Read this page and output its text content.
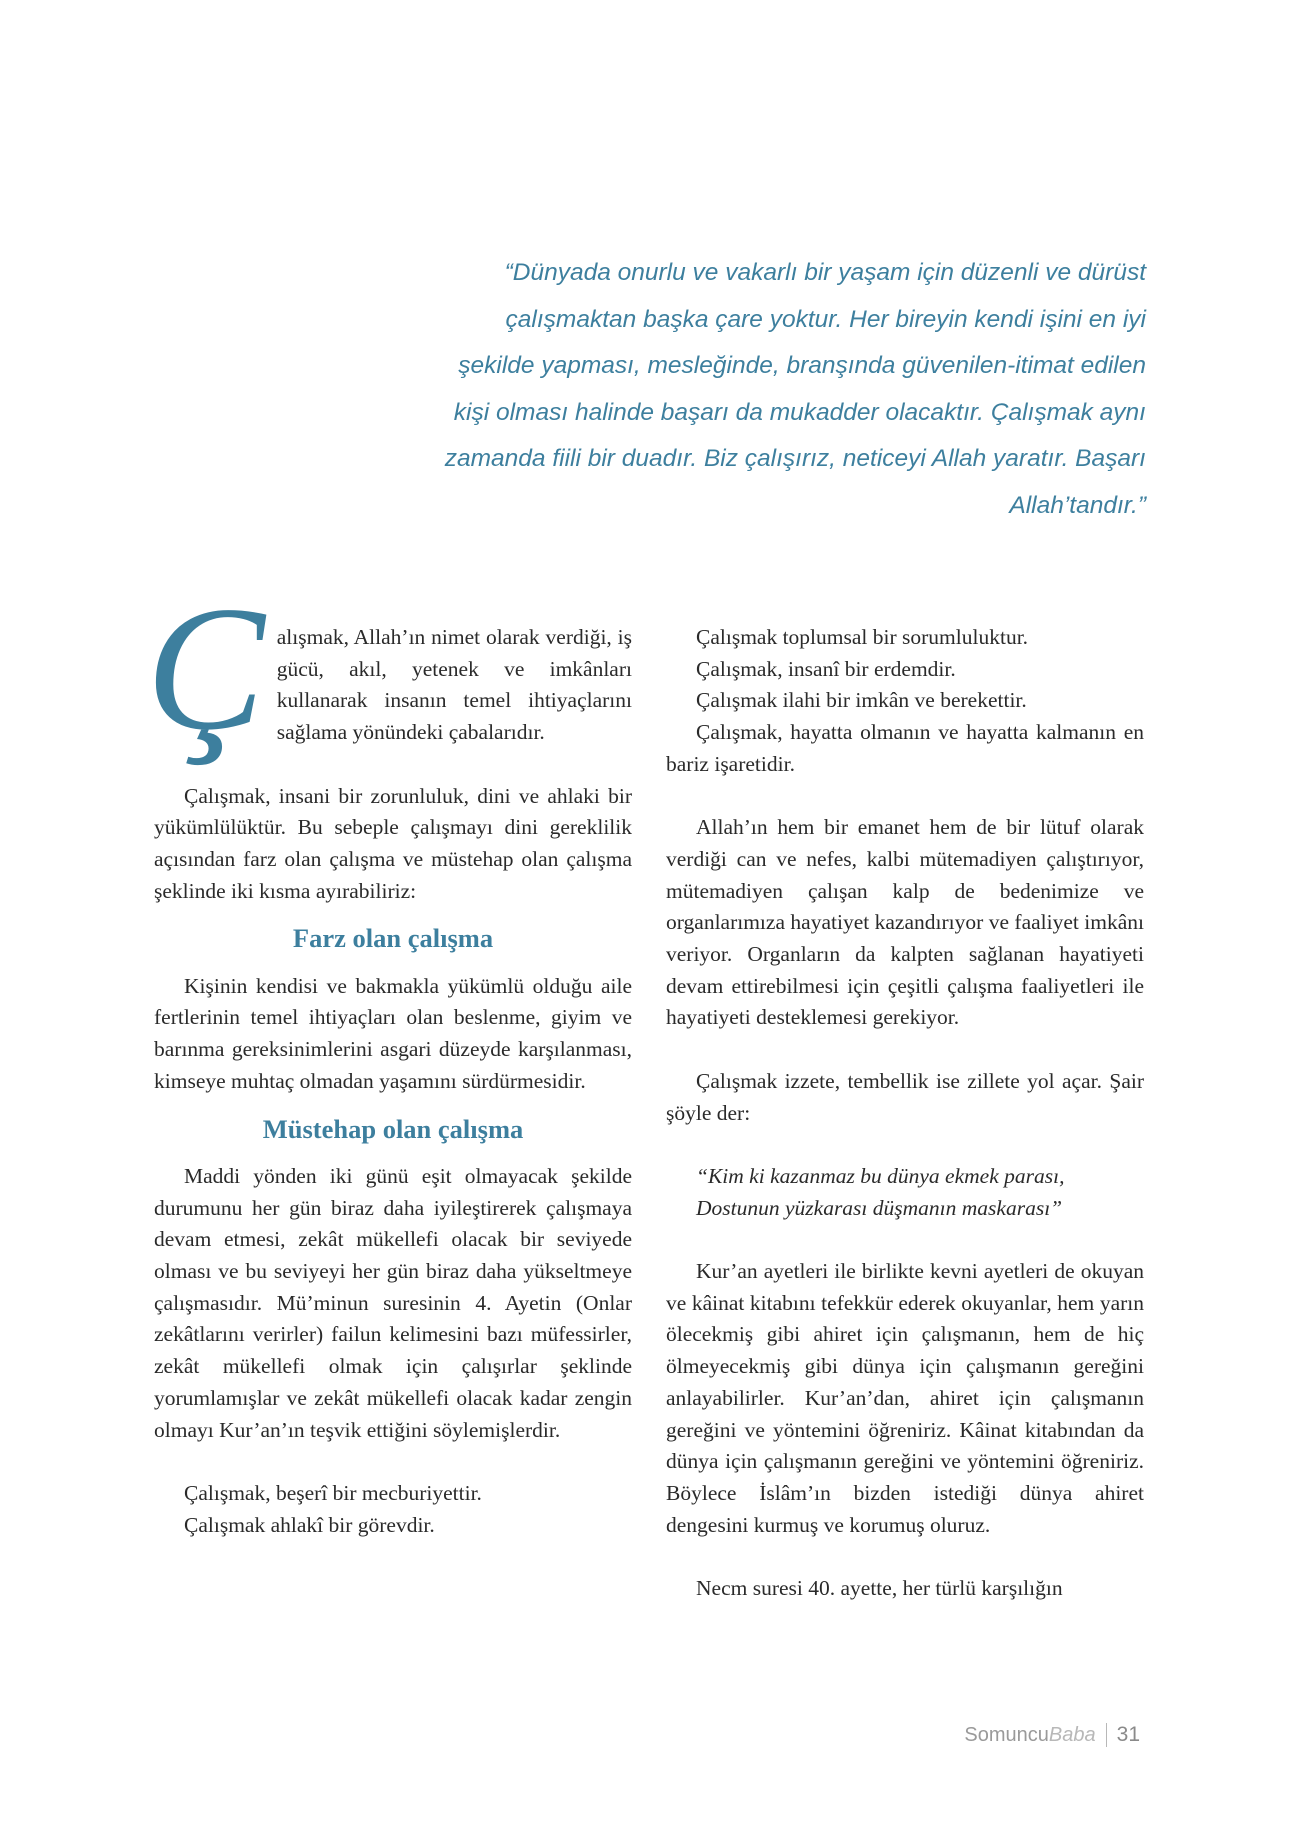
“Dünyada onurlu ve vakarlı bir yaşam için düzenli ve dürüst çalışmaktan başka çare yoktur. Her bireyin kendi işini en iyi şekilde yapması, mesleğinde, branşında güvenilen-itimat edilen kişi olması halinde başarı da mukadder olacaktır. Çalışmak aynı zamanda fiili bir duadır. Biz çalışırız, neticeyi Allah yaratır. Başarı Allah’tandır.”

Çalışmak, Allah’ın nimet olarak verdiği, iş gücü, akıl, yetenek ve imkânları kullanarak insanın temel ihtiyaçlarını sağlama yönündeki çabalarıdır.

Çalışmak, insani bir zorunluluk, dini ve ahlaki bir yükümlülüktür. Bu sebeple çalışmayı dini gereklilik açısından farz olan çalışma ve müstehap olan çalışma şeklinde iki kısma ayırabiliriz:

Farz olan çalışma

Kişinin kendisi ve bakmakla yükümlü olduğu aile fertlerinin temel ihtiyaçları olan beslenme, giyim ve barınma gereksinimlerini asgari düzeyde karşılanması, kimseye muhtaç olmadan yaşamını sürdürmesidir.

Müstehap olan çalışma

Maddi yönden iki günü eşit olmayacak şekilde durumunu her gün biraz daha iyileştirerek çalışmaya devam etmesi, zekât mükellefi olacak bir seviyede olması ve bu seviyeyi her gün biraz daha yükseltmeye çalışmasıdır. Mü’minun suresinin 4. Ayetin (Onlar zekâtlarını verirler) failun kelimesini bazı müfessirler, zekât mükellefi olmak için çalışırlar şeklinde yorumlamışlar ve zekât mükellefi olacak kadar zengin olmayı Kur’an’ın teşvik ettiğini söylemişlerdir.

Çalışmak, beşerî bir mecburiyettir.

Çalışmak ahlakî bir görevdir.

Çalışmak toplumsal bir sorumluluktur.

Çalışmak, insanî bir erdemdir.

Çalışmak ilahi bir imkân ve berekettir.

Çalışmak, hayatta olmanın ve hayatta kalmanın en bariz işaretidir.

Allah’ın hem bir emanet hem de bir lütuf olarak verdiği can ve nefes, kalbi mütemadiyen çalıştırıyor, mütemadiyen çalışan kalp de bedenimize ve organlarımıza hayatiyet kazandırıyor ve faaliyet imkânı veriyor. Organların da kalpten sağlanan hayatiyeti devam ettirebilmesi için çeşitli çalışma faaliyetleri ile hayatiyeti desteklemesi gerekiyor.

Çalışmak izzete, tembellik ise zillete yol açar. Şair şöyle der:

“Kim ki kazanmaz bu dünya ekmek parası,

Dostunun yüzkarası düşmanın maskarası”

Kur’an ayetleri ile birlikte kevni ayetleri de okuyan ve kâinat kitabını tefekkür ederek okuyanlar, hem yarın ölecekmiş gibi ahiret için çalışmanın, hem de hiç ölmeyecekmiş gibi dünya için çalışmanın gereğini anlayabilirler. Kur’an’dan, ahiret için çalışmanın gereğini ve yöntemini öğreniriz. Kâinat kitabından da dünya için çalışmanın gereğini ve yöntemini öğreniriz. Böylece İslâm’ın bizden istediği dünya ahiret dengesini kurmuş ve korumuş oluruz.

Necm suresi 40. ayette, her türlü karşılığın

SomuncuBaba 31
